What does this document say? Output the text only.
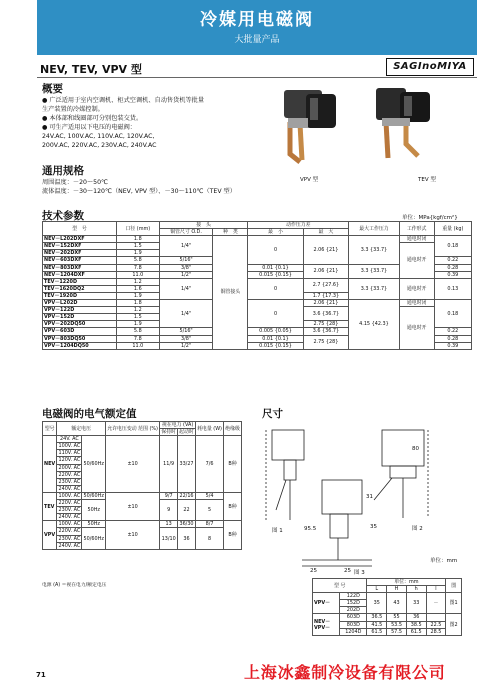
冷媒用电磁阀
大批量产品
NEV, TEV, VPV 型	SAGInoMIYA
概要
● 广泛适用于室内空调机、柜式空调机、自动售货机等批量
生产装置的冷媒控制。
● 本体部和线圈部可分别包装交货。
● 可生产适用以下电压的电磁阀：
24V.AC, 100V.AC, 110V.AC, 120V.AC,
200V.AC, 220V.AC, 230V.AC, 240V.AC
通用规格
周围温度：－20～50℃
流体温度：－30～120℃（NEV, VPV 型）、－30～110℃（TEV 型）
VPV 型	TEV 型
技术参数	单位：MPa{kgf/cm²}
型　号	口径 (mm)	接　头		动作压力差		最大工作压力	工作形式	重量 (kg)
		铜管尺寸 O.D.	种　类	最　小	最　大			
NEV－L202DXF	1.8	1/4"	铜管接头	0	2.06 {21}	3.3 {33.7}	通电时闭	0.18
NEV－152DXF	1.5						通电时开	
NEV－202DXF	1.9							
NEV－603DXF	5.8	5/16"						0.22
NEV－803DXF	7.8	3/8"		0.01 {0.1}	2.06 {21}	3.3 {33.7}		0.28
NEV－1204DXF	11.0	1/2"		0.015 {0.15}				0.39
TEV－1220D	1.2	1/4"		0	2.7 {27.6}	3.3 {33.7}	通电时开	0.13
TEV－1620DQ2	1.6							
TEV－1920D	1.9				1.7 {17.3}			
VPV－L202D	1.8	1/4"		0	2.06 {21}	4.15 {42.3}	通电时闭	0.18
VPV－122D	1.2				3.6 {36.7}		通电时开	
VPV－152D	1.5							
VPV－202DQ50	1.9				2.75 {28}			
VPV－603D	5.8	5/16"		0.005 {0.05}	3.6 {36.7}			0.22
VPV－803DQ50	7.8	3/8"		0.01 {0.1}	2.75 {28}			0.28
VPV－1204DQ50	11.0	1/2"		0.015 {0.15}				0.39
电磁阀的电气额定值
型号	额定电压		允许电压变动 范围 (%)	视在电力 (VA)		耗电量 (W)	绝缘级
				保持时	起动时		
NEV	24V. AC	50/60Hz	±10	11/9	33/27	7/6	B种
	100V. AC						
	110V. AC						
	120V. AC						
	200V. AC						
	220V. AC						
	230V. AC						
	240V. AC						
TEV	100V. AC	50/60Hz	±10	9/7	22/16	5/4	B种
	220V. AC	50Hz		9	22	5	
	230V. AC						
	240V. AC						
VPV	100V. AC	50Hz	±10	13	36/30	8/7	B种
	220V. AC	50/60Hz		13/10	36	8	
	230V. AC						
	240V. AC						
电源 (A) ＝视在电力/额定电压
尺寸
图 1	图 2
图 3
25	25
31
95.5	35
80
单位：mm
型 号		单位：mm				图
		L	H	h	l	
VPV－	122D	35	43	33	－	图1
	152D					
	202D					
NEV－
VPV－	603D	36.5	55	36		图2
	803D	41.5	53.5	38.5	22.5	
	1204D	61.5	57.5	61.5	28.5	
71	上海冰鑫制冷设备有限公司
